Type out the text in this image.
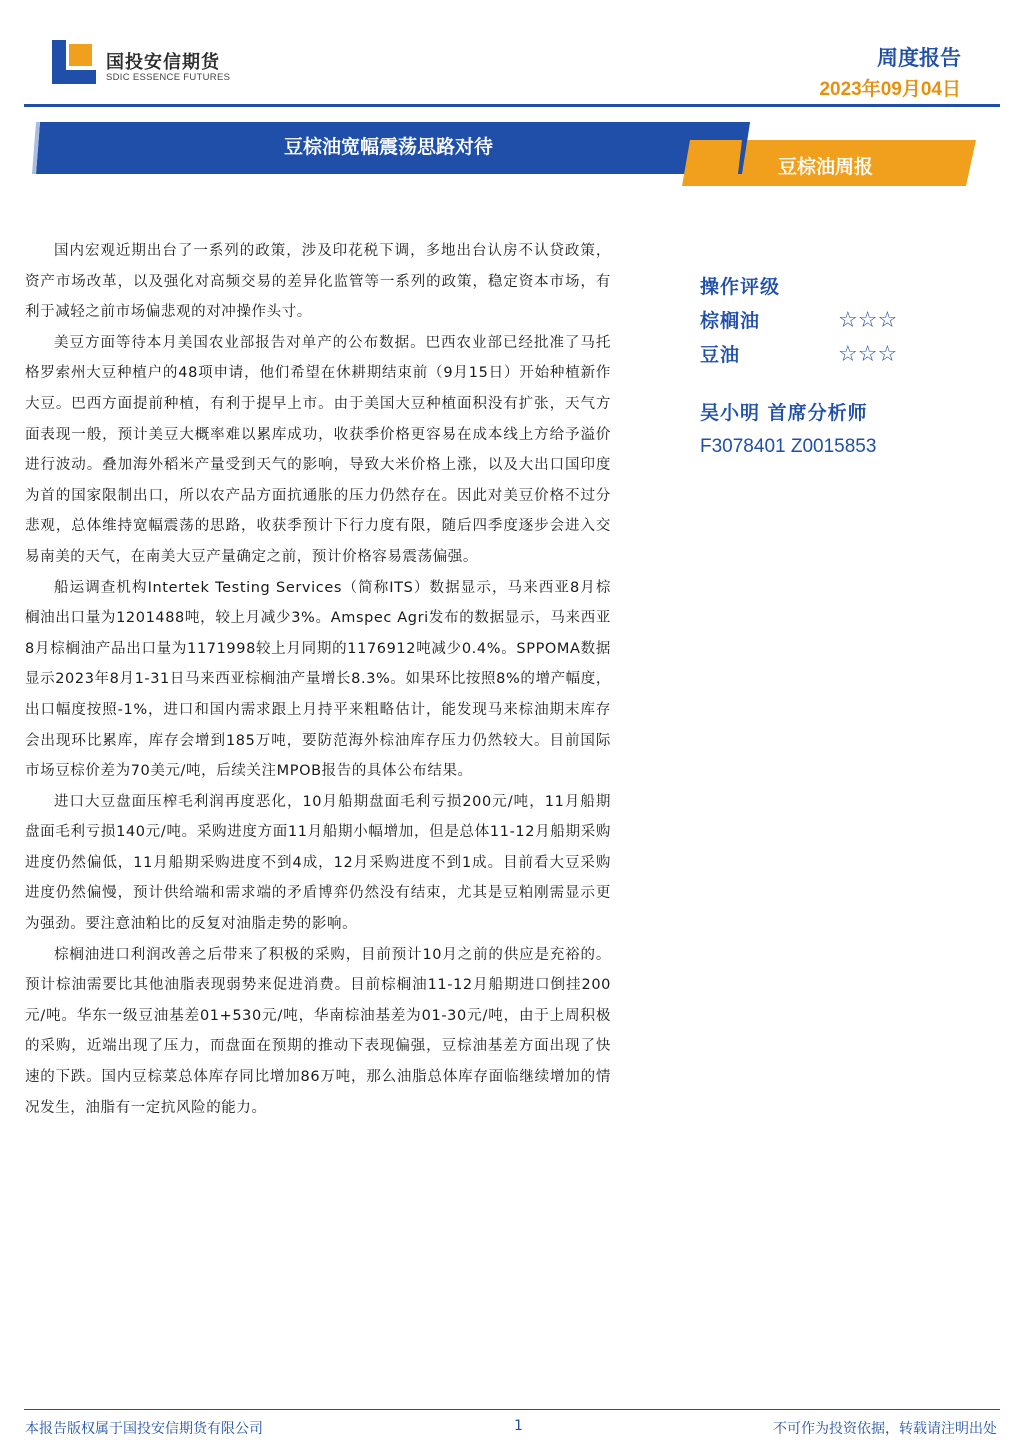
国投安信期货
SDIC ESSENCE FUTURES
周度报告
2023年09月04日
豆棕油宽幅震荡思路对待
豆棕油周报

国内宏观近期出台了一系列的政策，涉及印花税下调，多地出台认房不认贷政策，资产市场改革，以及强化对高频交易的差异化监管等一系列的政策，稳定资本市场，有利于减轻之前市场偏悲观的对冲操作头寸。

美豆方面等待本月美国农业部报告对单产的公布数据。巴西农业部已经批准了马托格罗索州大豆种植户的48项申请，他们希望在休耕期结束前（9月15日）开始种植新作大豆。巴西方面提前种植，有利于提早上市。由于美国大豆种植面积没有扩张，天气方面表现一般，预计美豆大概率难以累库成功，收获季价格更容易在成本线上方给予溢价进行波动。叠加海外稻米产量受到天气的影响，导致大米价格上涨，以及大出口国印度为首的国家限制出口，所以农产品方面抗通胀的压力仍然存在。因此对美豆价格不过分悲观，总体维持宽幅震荡的思路，收获季预计下行力度有限，随后四季度逐步会进入交易南美的天气，在南美大豆产量确定之前，预计价格容易震荡偏强。

船运调查机构Intertek Testing Services（简称ITS）数据显示，马来西亚8月棕榈油出口量为1201488吨，较上月减少3%。Amspec Agri发布的数据显示，马来西亚8月棕榈油产品出口量为1171998较上月同期的1176912吨减少0.4%。SPPOMA数据显示2023年8月1-31日马来西亚棕榈油产量增长8.3%。如果环比按照8%的增产幅度，出口幅度按照-1%，进口和国内需求跟上月持平来粗略估计，能发现马来棕油期末库存会出现环比累库，库存会增到185万吨，要防范海外棕油库存压力仍然较大。目前国际市场豆棕价差为70美元/吨，后续关注MPOB报告的具体公布结果。

进口大豆盘面压榨毛利润再度恶化，10月船期盘面毛利亏损200元/吨，11月船期盘面毛利亏损140元/吨。采购进度方面11月船期小幅增加，但是总体11-12月船期采购进度仍然偏低，11月船期采购进度不到4成，12月采购进度不到1成。目前看大豆采购进度仍然偏慢，预计供给端和需求端的矛盾博弈仍然没有结束，尤其是豆粕刚需显示更为强劲。要注意油粕比的反复对油脂走势的影响。

棕榈油进口利润改善之后带来了积极的采购，目前预计10月之前的供应是充裕的。预计棕油需要比其他油脂表现弱势来促进消费。目前棕榈油11-12月船期进口倒挂200元/吨。华东一级豆油基差01+530元/吨，华南棕油基差为01-30元/吨，由于上周积极的采购，近端出现了压力，而盘面在预期的推动下表现偏强，豆棕油基差方面出现了快速的下跌。国内豆棕菜总体库存同比增加86万吨，那么油脂总体库存面临继续增加的情况发生，油脂有一定抗风险的能力。

操作评级
棕榈油	☆☆☆
豆油	☆☆☆
吴小明 首席分析师
F3078401 Z0015853
本报告版权属于国投安信期货有限公司	1	不可作为投资依据，转载请注明出处
